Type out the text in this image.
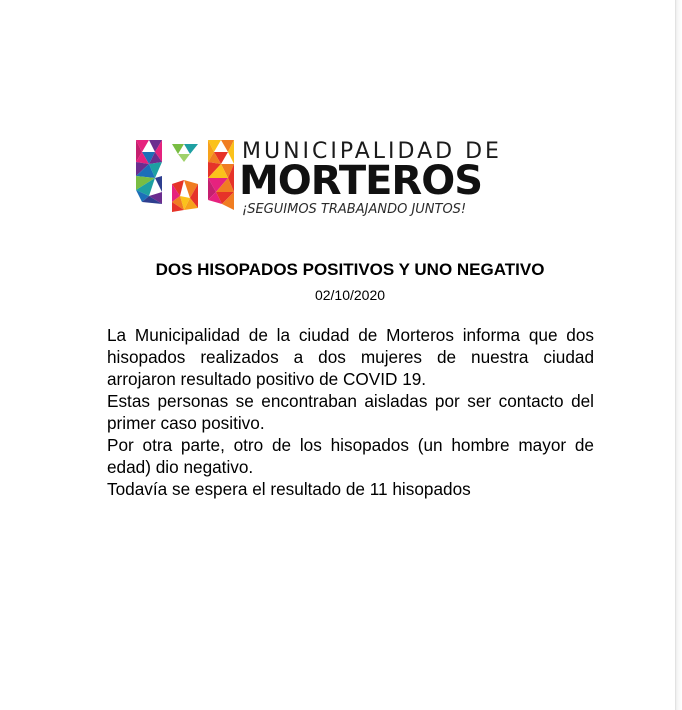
MUNICIPALIDAD DE
MORTEROS
¡SEGUIMOS TRABAJANDO JUNTOS!
DOS HISOPADOS POSITIVOS Y UNO NEGATIVO
02/10/2020

La Municipalidad de la ciudad de Morteros informa que dos hisopados realizados a dos mujeres de nuestra ciudad arrojaron resultado positivo de COVID 19.

Estas personas se encontraban aisladas por ser contacto del primer caso positivo.

Por otra parte, otro de los hisopados (un hombre mayor de edad) dio negativo.

Todavía se espera el resultado de 11 hisopados
